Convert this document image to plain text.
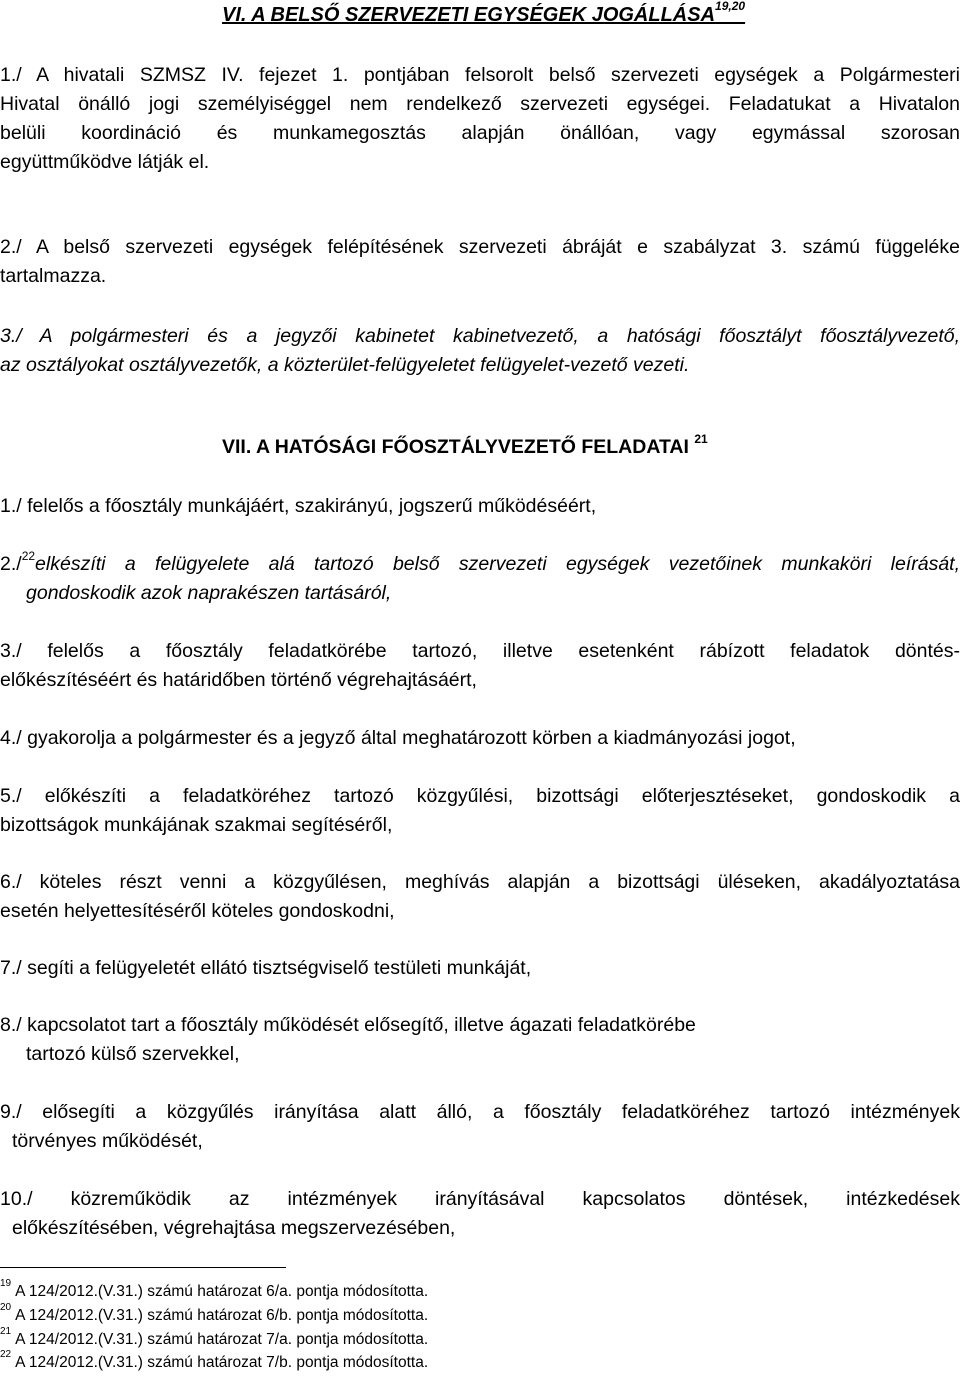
VI. A BELSŐ SZERVEZETI EGYSÉGEK JOGÁLLÁSA$^{19,20}$
1./ A hivatali SZMSZ IV. fejezet 1. pontjában felsorolt belső szervezeti egységek a Polgármesteri
Hivatal önálló jogi személyiséggel nem rendelkező szervezeti egységei. Feladatukat a Hivatalon
belüli koordináció és munkamegosztás alapján önállóan, vagy egymással szorosan
együttműködve látják el.
2./ A belső szervezeti egységek felépítésének szervezeti ábráját e szabályzat 3. számú függeléke
tartalmazza.
3./ A polgármesteri és a jegyzői kabinetet kabinetvezető, a hatósági főosztályt főosztályvezető,
az osztályokat osztályvezetők, a közterület-felügyeletet felügyelet-vezető vezeti.
VII. A HATÓSÁGI FŐOSZTÁLYVEZETŐ FELADATAI $^{21}$
1./ felelős a főosztály munkájáért, szakirányú, jogszerű működéséért,
2./$^{22}$elkészíti a felügyelete alá tartozó belső szervezeti egységek vezetőinek munkaköri leírását,
gondoskodik azok naprakészen tartásáról,
3./ felelős a főosztály feladatkörébe tartozó, illetve esetenként rábízott feladatok döntés-
előkészítéséért és határidőben történő végrehajtásáért,
4./ gyakorolja a polgármester és a jegyző által meghatározott körben a kiadmányozási jogot,
5./ előkészíti a feladatköréhez tartozó közgyűlési, bizottsági előterjesztéseket, gondoskodik a
bizottságok munkájának szakmai segítéséről,
6./ köteles részt venni a közgyűlésen, meghívás alapján a bizottsági üléseken, akadályoztatása
esetén helyettesítéséről köteles gondoskodni,
7./ segíti a felügyeletét ellátó tisztségviselő testületi munkáját,
8./ kapcsolatot tart a főosztály működését elősegítő, illetve ágazati feladatkörébe
tartozó külső szervekkel,
9./ elősegíti a közgyűlés irányítása alatt álló, a főosztály feladatköréhez tartozó intézmények
törvényes működését,
10./ közreműködik az intézmények irányításával kapcsolatos döntések, intézkedések
előkészítésében, végrehajtása megszervezésében,
$^{19}$ A 124/2012.(V.31.) számú határozat 6/a. pontja módosította.
$^{20}$ A 124/2012.(V.31.) számú határozat 6/b. pontja módosította.
$^{21}$ A 124/2012.(V.31.) számú határozat 7/a. pontja módosította.
$^{22}$ A 124/2012.(V.31.) számú határozat 7/b. pontja módosította.
